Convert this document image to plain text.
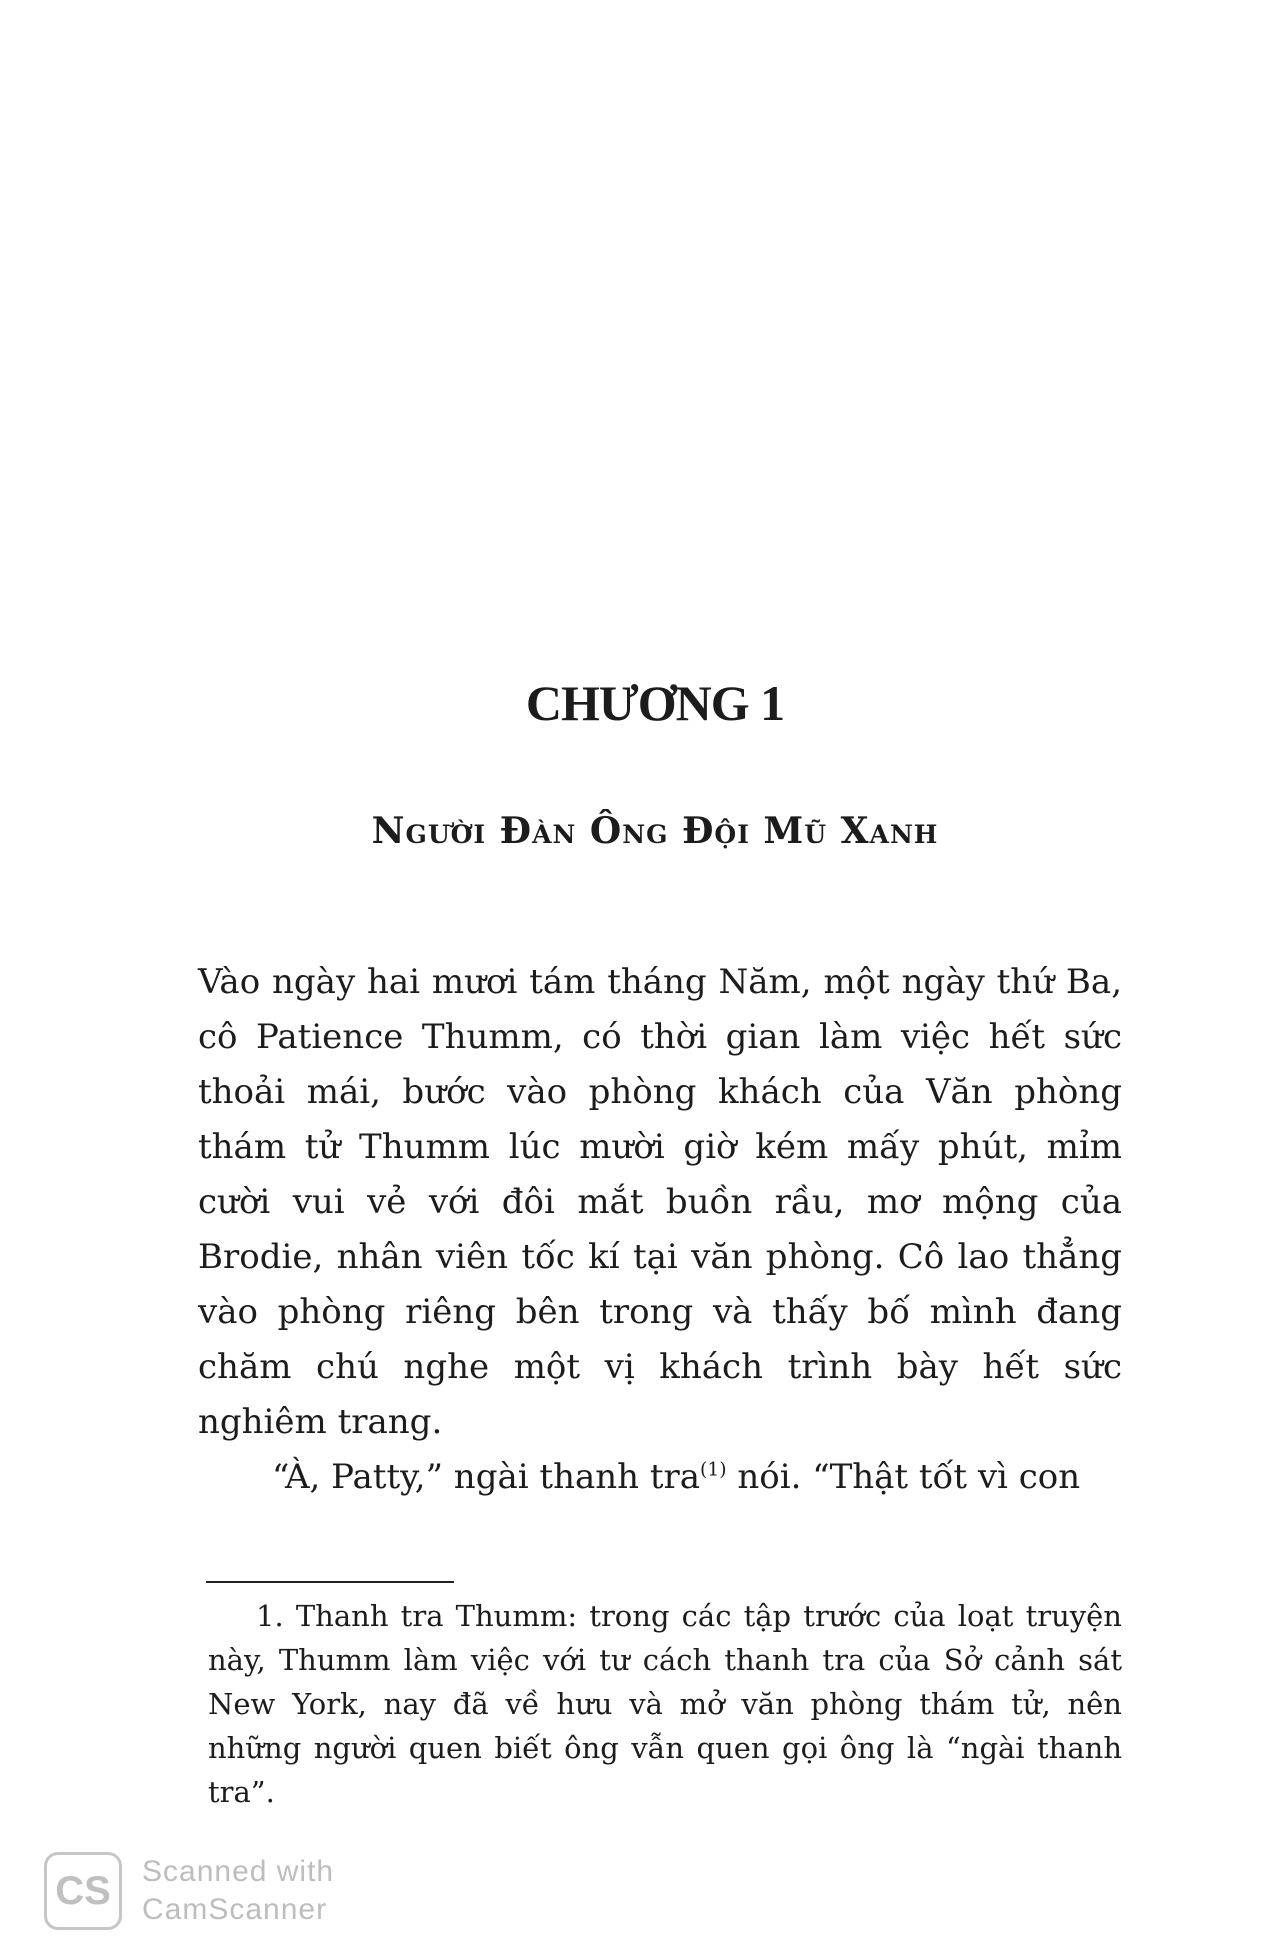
CHƯƠNG 1
Người Đàn Ông Đội Mũ Xanh

Vào ngày hai mươi tám tháng Năm, một ngày thứ Ba, cô Patience Thumm, có thời gian làm việc hết sức thoải mái, bước vào phòng khách của Văn phòng thám tử Thumm lúc mười giờ kém mấy phút, mỉm cười vui vẻ với đôi mắt buồn rầu, mơ mộng của Brodie, nhân viên tốc kí tại văn phòng. Cô lao thẳng vào phòng riêng bên trong và thấy bố mình đang chăm chú nghe một vị khách trình bày hết sức nghiêm trang.

“À, Patty,” ngài thanh tra$^{(1)}$ nói. “Thật tốt vì con

1. Thanh tra Thumm: trong các tập trước của loạt truyện này, Thumm làm việc với tư cách thanh tra của Sở cảnh sát New York, nay đã về hưu và mở văn phòng thám tử, nên những người quen biết ông vẫn quen gọi ông là “ngài thanh tra”.

CS	Scanned with
CamScanner
